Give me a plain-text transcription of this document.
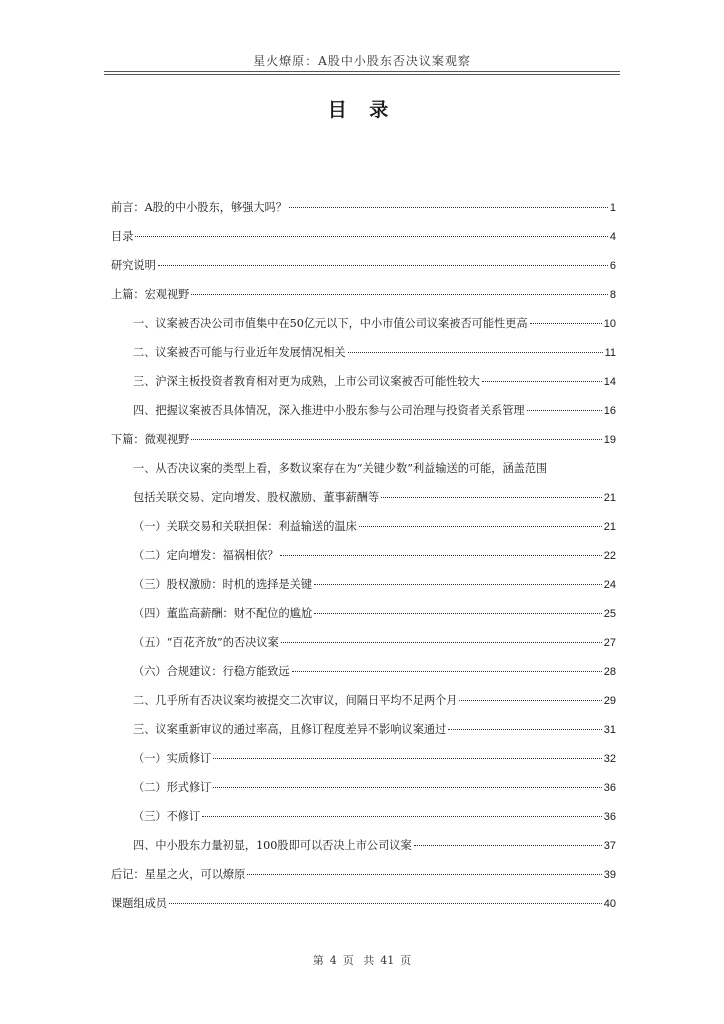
星火燎原：A股中小股东否决议案观察
目 录
前言：A股的中小股东，够强大吗？	1
目录	4
研究说明	6
上篇：宏观视野	8
一、议案被否决公司市值集中在50亿元以下，中小市值公司议案被否可能性更高	10
二、议案被否可能与行业近年发展情况相关	11
三、沪深主板投资者教育相对更为成熟，上市公司议案被否可能性较大	14
四、把握议案被否具体情况，深入推进中小股东参与公司治理与投资者关系管理	16
下篇：微观视野	19
一、从否决议案的类型上看，多数议案存在为“关键少数”利益输送的可能，涵盖范围
包括关联交易、定向增发、股权激励、董事薪酬等	21
（一）关联交易和关联担保：利益输送的温床	21
（二）定向增发：福祸相依？	22
（三）股权激励：时机的选择是关键	24
（四）董监高薪酬：财不配位的尴尬	25
（五）“百花齐放”的否决议案	27
（六）合规建议：行稳方能致远	28
二、几乎所有否决议案均被提交二次审议，间隔日平均不足两个月	29
三、议案重新审议的通过率高，且修订程度差异不影响议案通过	31
（一）实质修订	32
（二）形式修订	36
（三）不修订	36
四、中小股东力量初显，100股即可以否决上市公司议案	37
后记：星星之火，可以燎原	39
课题组成员	40
第 4 页 共 41 页
